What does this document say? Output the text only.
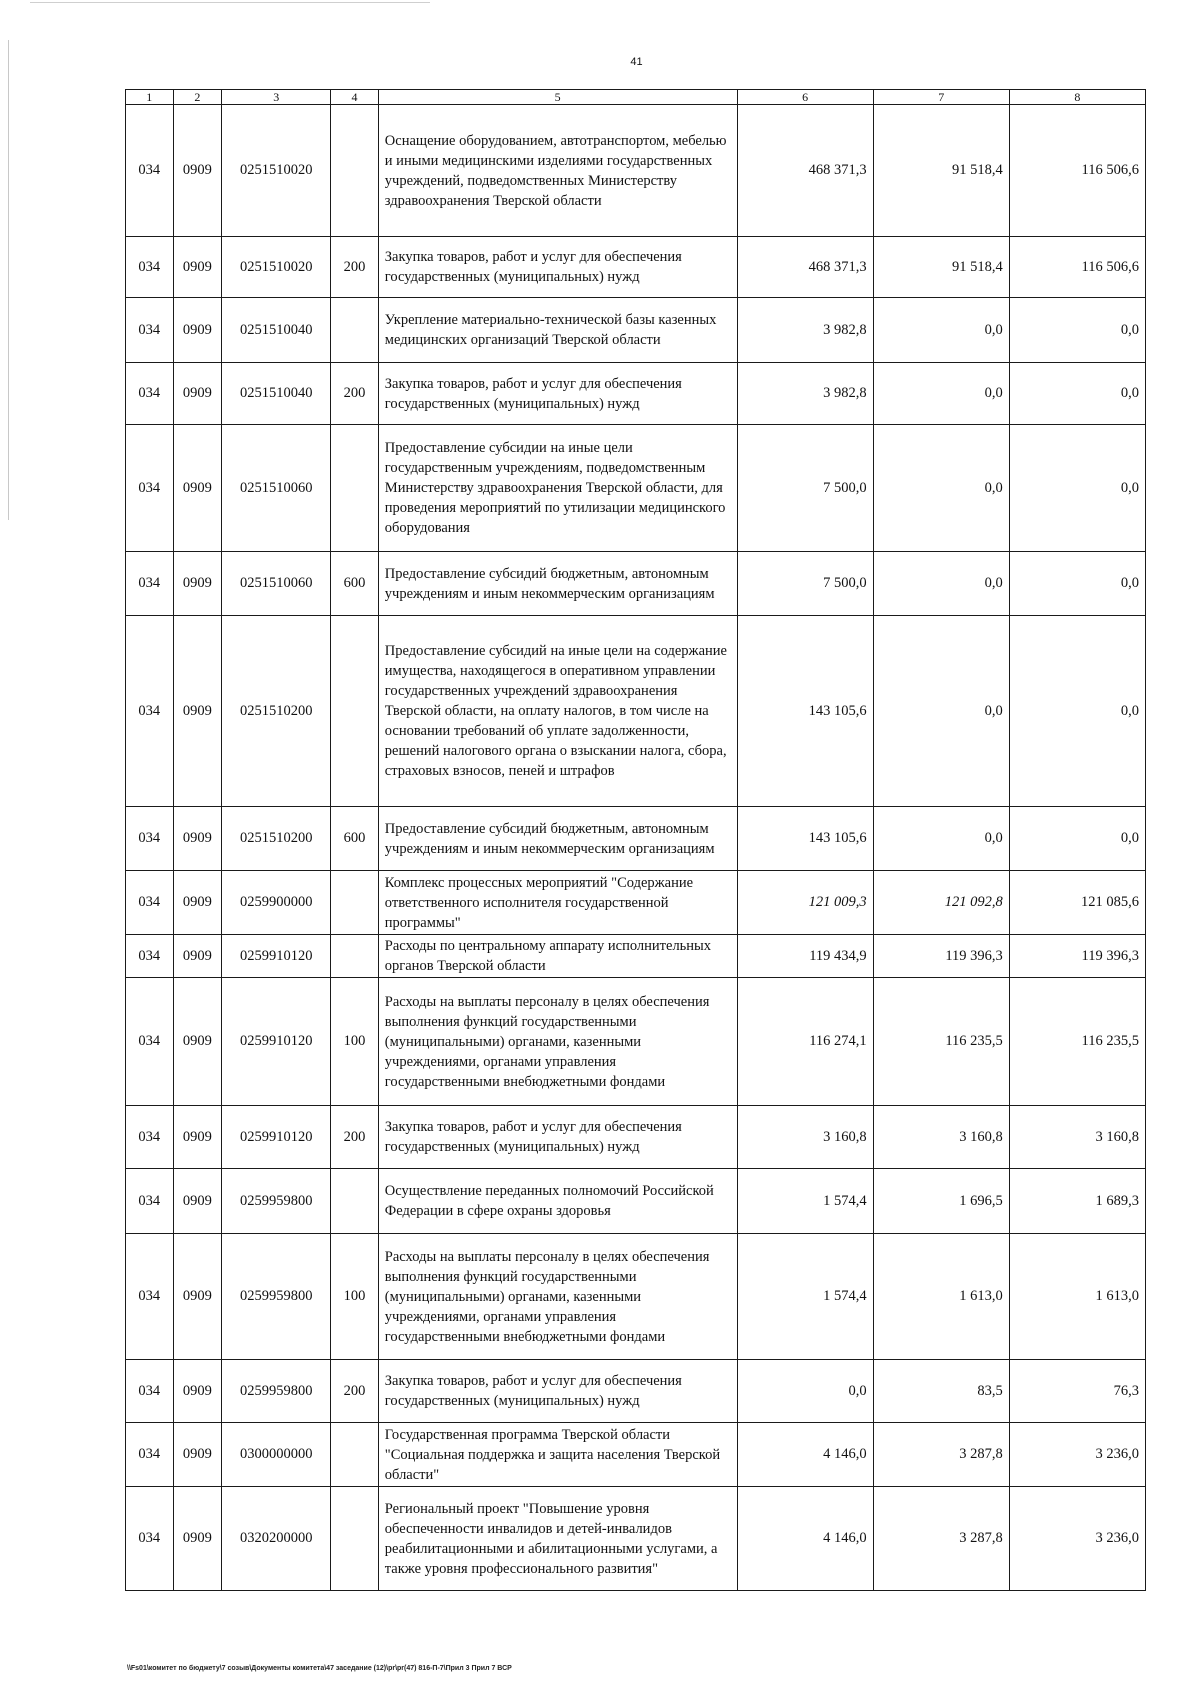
41
1	2	3	4	5	6	7	8
034	0909	0251510020		Оснащение оборудованием, автотранспортом, мебелью и иными медицинскими изделиями государственных учреждений, подведомственных Министерству здравоохранения Тверской области	468 371,3	91 518,4	116 506,6
034	0909	0251510020	200	Закупка товаров, работ и услуг для обеспечения государственных (муниципальных) нужд	468 371,3	91 518,4	116 506,6
034	0909	0251510040		Укрепление материально-технической базы казенных медицинских организаций Тверской области	3 982,8	0,0	0,0
034	0909	0251510040	200	Закупка товаров, работ и услуг для обеспечения государственных (муниципальных) нужд	3 982,8	0,0	0,0
034	0909	0251510060		Предоставление субсидии на иные цели государственным учреждениям, подведомственным Министерству здравоохранения Тверской области, для проведения мероприятий по утилизации медицинского оборудования	7 500,0	0,0	0,0
034	0909	0251510060	600	Предоставление субсидий бюджетным, автономным учреждениям и иным некоммерческим организациям	7 500,0	0,0	0,0
034	0909	0251510200		Предоставление субсидий на иные цели на содержание имущества, находящегося в оперативном управлении государственных учреждений здравоохранения Тверской области, на оплату налогов, в том числе на основании требований об уплате задолженности, решений налогового органа о взыскании налога, сбора, страховых взносов, пеней и штрафов	143 105,6	0,0	0,0
034	0909	0251510200	600	Предоставление субсидий бюджетным, автономным учреждениям и иным некоммерческим организациям	143 105,6	0,0	0,0
034	0909	0259900000		Комплекс процессных мероприятий "Содержание ответственного исполнителя государственной программы"	121 009,3	121 092,8	121 085,6
034	0909	0259910120		Расходы по центральному аппарату исполнительных органов Тверской области	119 434,9	119 396,3	119 396,3
034	0909	0259910120	100	Расходы на выплаты персоналу в целях обеспечения выполнения функций государственными (муниципальными) органами, казенными учреждениями, органами управления государственными внебюджетными фондами	116 274,1	116 235,5	116 235,5
034	0909	0259910120	200	Закупка товаров, работ и услуг для обеспечения государственных (муниципальных) нужд	3 160,8	3 160,8	3 160,8
034	0909	0259959800		Осуществление переданных полномочий Российской Федерации в сфере охраны здоровья	1 574,4	1 696,5	1 689,3
034	0909	0259959800	100	Расходы на выплаты персоналу в целях обеспечения выполнения функций государственными (муниципальными) органами, казенными учреждениями, органами управления государственными внебюджетными фондами	1 574,4	1 613,0	1 613,0
034	0909	0259959800	200	Закупка товаров, работ и услуг для обеспечения государственных (муниципальных) нужд	0,0	83,5	76,3
034	0909	0300000000		Государственная программа Тверской области "Социальная поддержка и защита населения Тверской области"	4 146,0	3 287,8	3 236,0
034	0909	0320200000		Региональный проект "Повышение уровня обеспеченности инвалидов и детей-инвалидов реабилитационными и абилитационными услугами, а также уровня профессионального развития"	4 146,0	3 287,8	3 236,0
\\Fs01\комитет по бюджету\7 созыв\Документы комитета\47 заседание (12)\pr\pr(47) 816-П-7\Прил 3 Прил 7 ВСР
